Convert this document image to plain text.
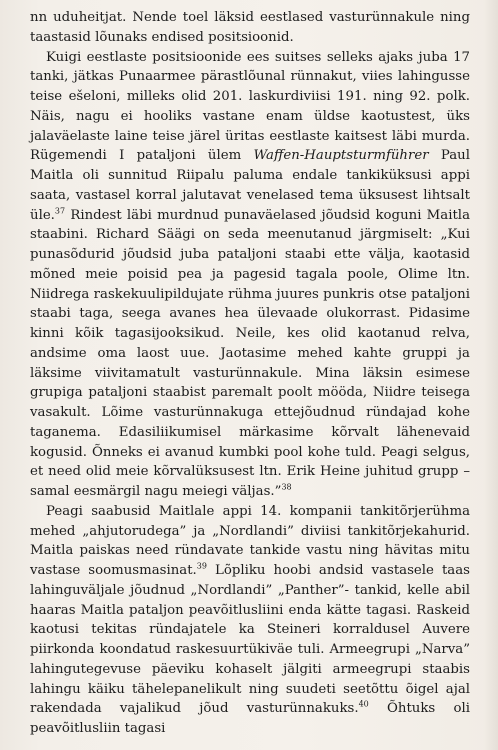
nn uduheitjat. Nende toel läksid eestlased vasturünnakule ning taastasid lõunaks endised positsioonid.

Kuigi eestlaste positsioonide ees suitses selleks ajaks juba 17 tanki, jätkas Punaarmee pärastlõunal rünnakut, viies lahingusse teise ešeloni, milleks olid 201. laskurdiviisi 191. ning 92. polk. Näis, nagu ei hooliks vastane enam üldse kaotustest, üks jalaväelaste laine teise järel üritas eestlaste kaitsest läbi murda. Rügemendi I pataljoni ülem Waffen-Hauptsturmführer Paul Maitla oli sunnitud Riipalu paluma endale tankiküksusi appi saata, vastasel korral jalutavat venelased tema üksusest lihtsalt üle.$^{37}$ Rindest läbi murdnud punaväelased jõudsid koguni Maitla staabini. Richard Säägi on seda meenutanud järgmiselt: „Kui punasõdurid jõudsid juba pataljoni staabi ette välja, kaotasid mõned meie poisid pea ja pagesid tagala poole, Olime ltn. Niidrega raskekuulipildujate rühma juures punkris otse pataljoni staabi taga, seega avanes hea ülevaade olukorrast. Pidasime kinni kõik tagasijooksikud. Neile, kes olid kaotanud relva, andsime oma laost uue. Jaotasime mehed kahte gruppi ja läksime viivitamatult vasturünnakule. Mina läksin esimese grupiga pataljoni staabist paremalt poolt mööda, Niidre teisega vasakult. Lõime vasturünnakuga ettejõudnud ründajad kohe taganema. Edasiliikumisel märkasime kõrvalt lähenevaid kogusid. Õnneks ei avanud kumbki pool kohe tuld. Peagi selgus, et need olid meie kõrvalüksusest ltn. Erik Heine juhitud grupp – samal eesmärgil nagu meiegi väljas.”$^{38}$

Peagi saabusid Maitlale appi 14. kompanii tankitõrjerühma mehed „ahjutorudega” ja „Nordlandi” diviisi tankitõrjekahurid. Maitla paiskas need ründavate tankide vastu ning hävitas mitu vastase soomusmasinat.$^{39}$ Lõpliku hoobi andsid vastasele taas lahinguväljale jõudnud „Nordlandi” „Panther”- tankid, kelle abil haaras Maitla pataljon peavõitlusliini enda kätte tagasi. Raskeid kaotusi tekitas ründajatele ka Steineri korraldusel Auvere piirkonda koondatud raskesuurtükiväe tuli. Armeegrupi „Narva” lahingutegevuse päeviku kohaselt jälgiti armeegrupi staabis lahingu käiku tähelepanelikult ning suudeti seetõttu õigel ajal rakendada vajalikud jõud vasturünnakuks.$^{40}$ Õhtuks oli peavõitlusliin tagasi
